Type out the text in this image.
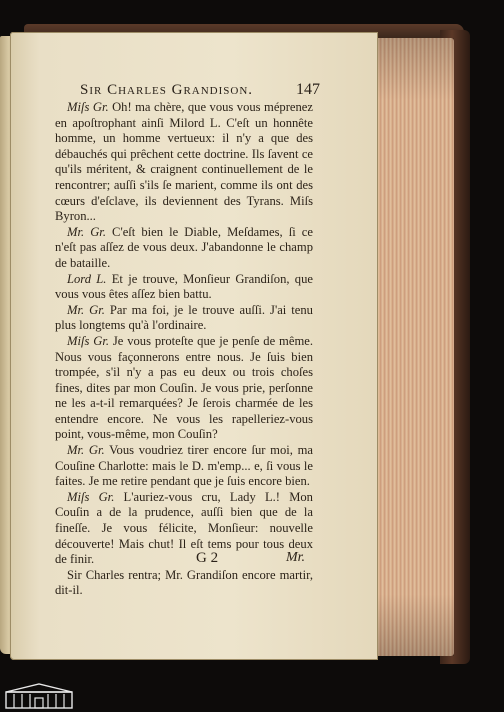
Sir Charles Grandison.	147

Miſs Gr. Oh! ma chère, que vous vous méprenez en apoſtrophant ainſi Milord L. C'eſt un honnête homme, un homme vertueux: il n'y a que des débauchés qui prêchent cette doctrine. Ils ſavent ce qu'ils méritent, & craignent continuellement de le rencontrer; auſſi s'ils ſe marient, comme ils ont des cœurs d'eſclave, ils deviennent des Tyrans. Miſs Byron...

Mr. Gr. C'eſt bien le Diable, Meſdames, ſi ce n'eſt pas aſſez de vous deux. J'abandonne le champ de bataille.

Lord L. Et je trouve, Monſieur Grandiſon, que vous vous êtes aſſez bien battu.

Mr. Gr. Par ma foi, je le trouve auſſi. J'ai tenu plus longtems qu'à l'ordinaire.

Miſs Gr. Je vous proteſte que je penſe de même. Nous vous façonnerons entre nous. Je ſuis bien trompée, s'il n'y a pas eu deux ou trois choſes fines, dites par mon Couſin. Je vous prie, perſonne ne les a-t-il remarquées? Je ſerois charmée de les entendre encore. Ne vous les rapelleriez-vous point, vous-même, mon Couſin?

Mr. Gr. Vous voudriez tirer encore ſur moi, ma Couſine Charlotte: mais le D. m'emp... e, ſi vous le faites. Je me retire pendant que je ſuis encore bien.

Miſs Gr. L'auriez-vous cru, Lady L.! Mon Couſin a de la prudence, auſſi bien que de la fineſſe. Je vous félicite, Monſieur: nouvelle découverte! Mais chut! Il eſt tems pour tous deux de finir.

Sir Charles rentra; Mr. Grandiſon encore martir, dit-il.

G 2	Mr.
